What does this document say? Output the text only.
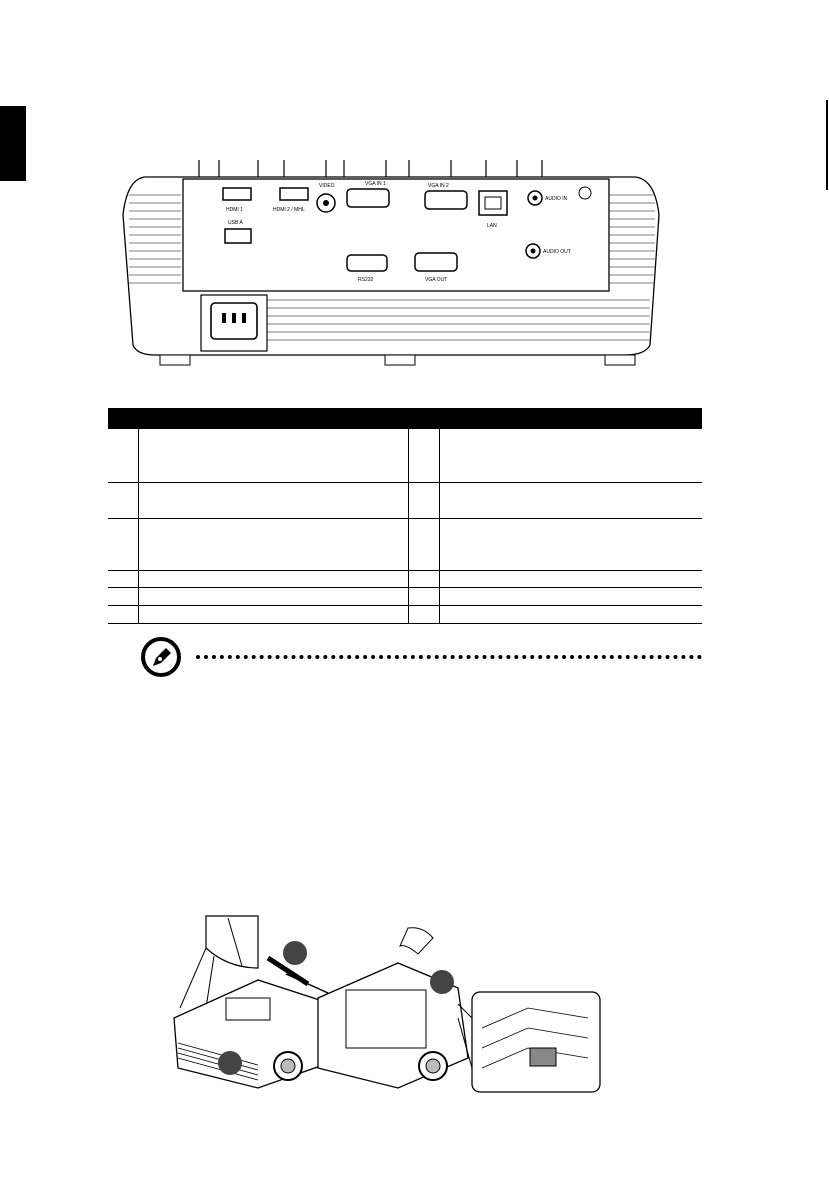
HDMI 1
USB A
HDMI 2 / MHL
VIDEO	VGA IN 1
RS232
VGA IN 2
VGA OUT
LAN
AUDIO IN
AUDIO OUT
